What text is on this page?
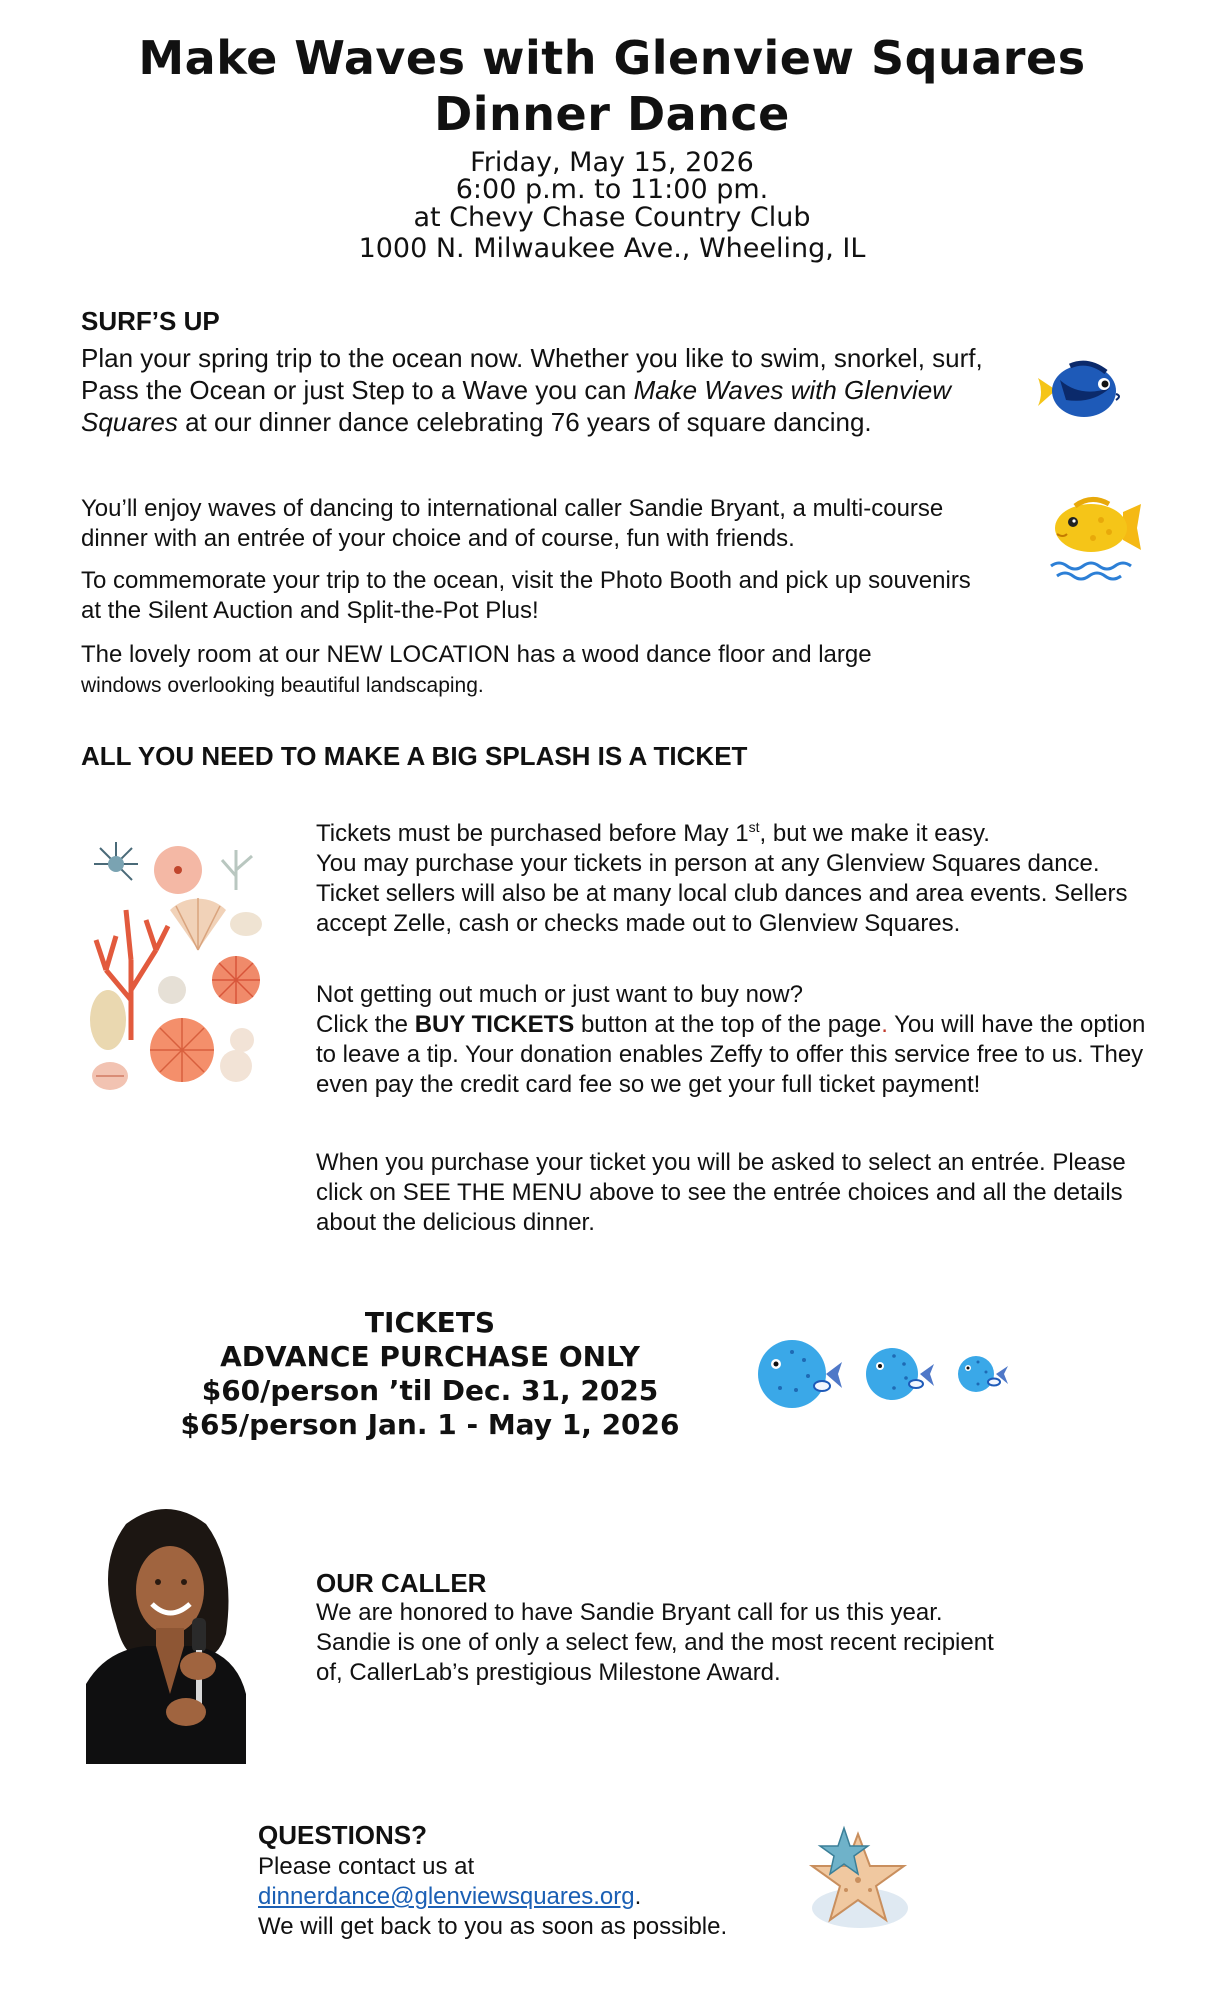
Make Waves with Glenview Squares
Dinner Dance
Friday, May 15, 2026
6:00 p.m. to 11:00 pm.
at Chevy Chase Country Club
1000 N. Milwaukee Ave., Wheeling, IL
SURF’S UP
Plan your spring trip to the ocean now. Whether you like to swim, snorkel, surf, Pass the Ocean or just Step to a Wave you can Make Waves with Glenview Squares at our dinner dance celebrating 76 years of square dancing.
You’ll enjoy waves of dancing to international caller Sandie Bryant, a multi-course dinner with an entrée of your choice and of course, fun with friends.
To commemorate your trip to the ocean, visit the Photo Booth and pick up souvenirs at the Silent Auction and Split-the-Pot Plus!
The lovely room at our NEW LOCATION has a wood dance floor and large
windows overlooking beautiful landscaping.
ALL YOU NEED TO MAKE A BIG SPLASH IS A TICKET
Tickets must be purchased before May 1st, but we make it easy.
You may purchase your tickets in person at any Glenview Squares dance. Ticket sellers will also be at many local club dances and area events. Sellers accept Zelle, cash or checks made out to Glenview Squares.
Not getting out much or just want to buy now?
Click the BUY TICKETS button at the top of the page. You will have the option to leave a tip. Your donation enables Zeffy to offer this service free to us. They even pay the credit card fee so we get your full ticket payment!
When you purchase your ticket you will be asked to select an entrée. Please click on SEE THE MENU above to see the entrée choices and all the details about the delicious dinner.
TICKETS
ADVANCE PURCHASE ONLY
$60/person ’til Dec. 31, 2025
$65/person Jan. 1 - May 1, 2026
OUR CALLER
We are honored to have Sandie Bryant call for us this year.
Sandie is one of only a select few, and the most recent recipient
of, CallerLab’s prestigious Milestone Award.
QUESTIONS?
Please contact us at
dinnerdance@glenviewsquares.org.
We will get back to you as soon as possible.
